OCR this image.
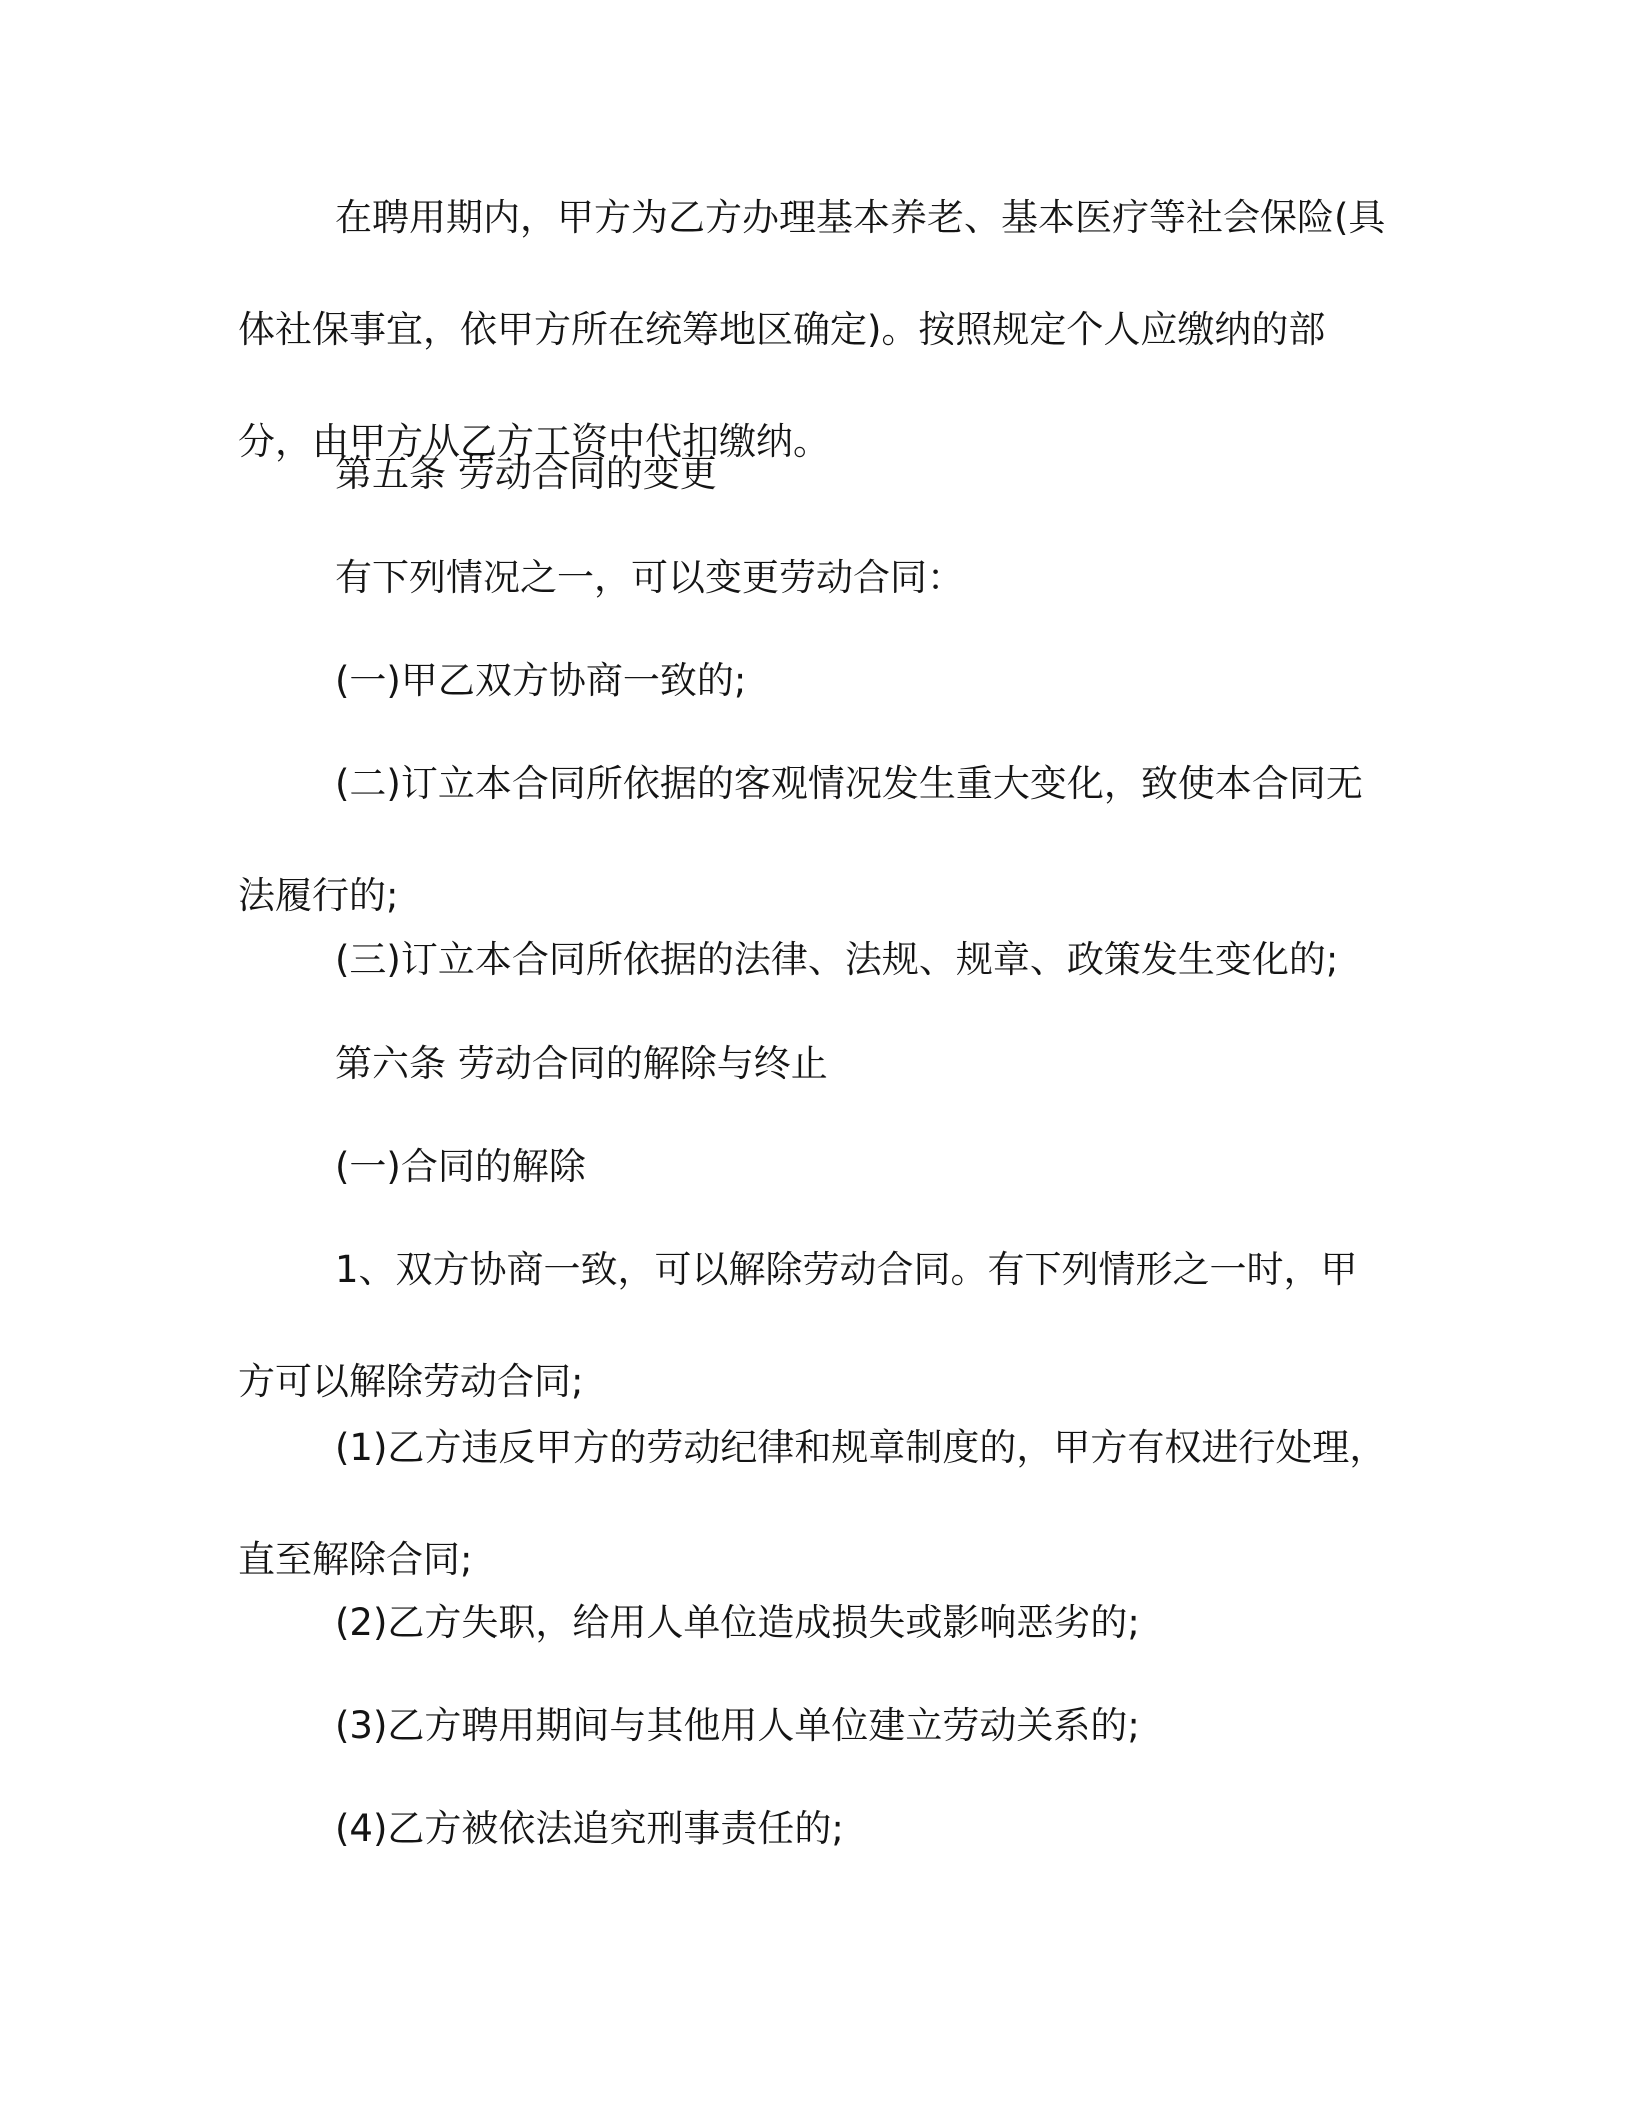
在聘用期内，甲方为乙方办理基本养老、基本医疗等社会保险(具体社保事宜，依甲方所在统筹地区确定)。按照规定个人应缴纳的部分，由甲方从乙方工资中代扣缴纳。

第五条 劳动合同的变更

有下列情况之一，可以变更劳动合同：

(一)甲乙双方协商一致的;

(二)订立本合同所依据的客观情况发生重大变化，致使本合同无法履行的;

(三)订立本合同所依据的法律、法规、规章、政策发生变化的;

第六条 劳动合同的解除与终止

(一)合同的解除

1、双方协商一致，可以解除劳动合同。有下列情形之一时，甲方可以解除劳动合同;

(1)乙方违反甲方的劳动纪律和规章制度的，甲方有权进行处理，直至解除合同;

(2)乙方失职，给用人单位造成损失或影响恶劣的;

(3)乙方聘用期间与其他用人单位建立劳动关系的;

(4)乙方被依法追究刑事责任的;
